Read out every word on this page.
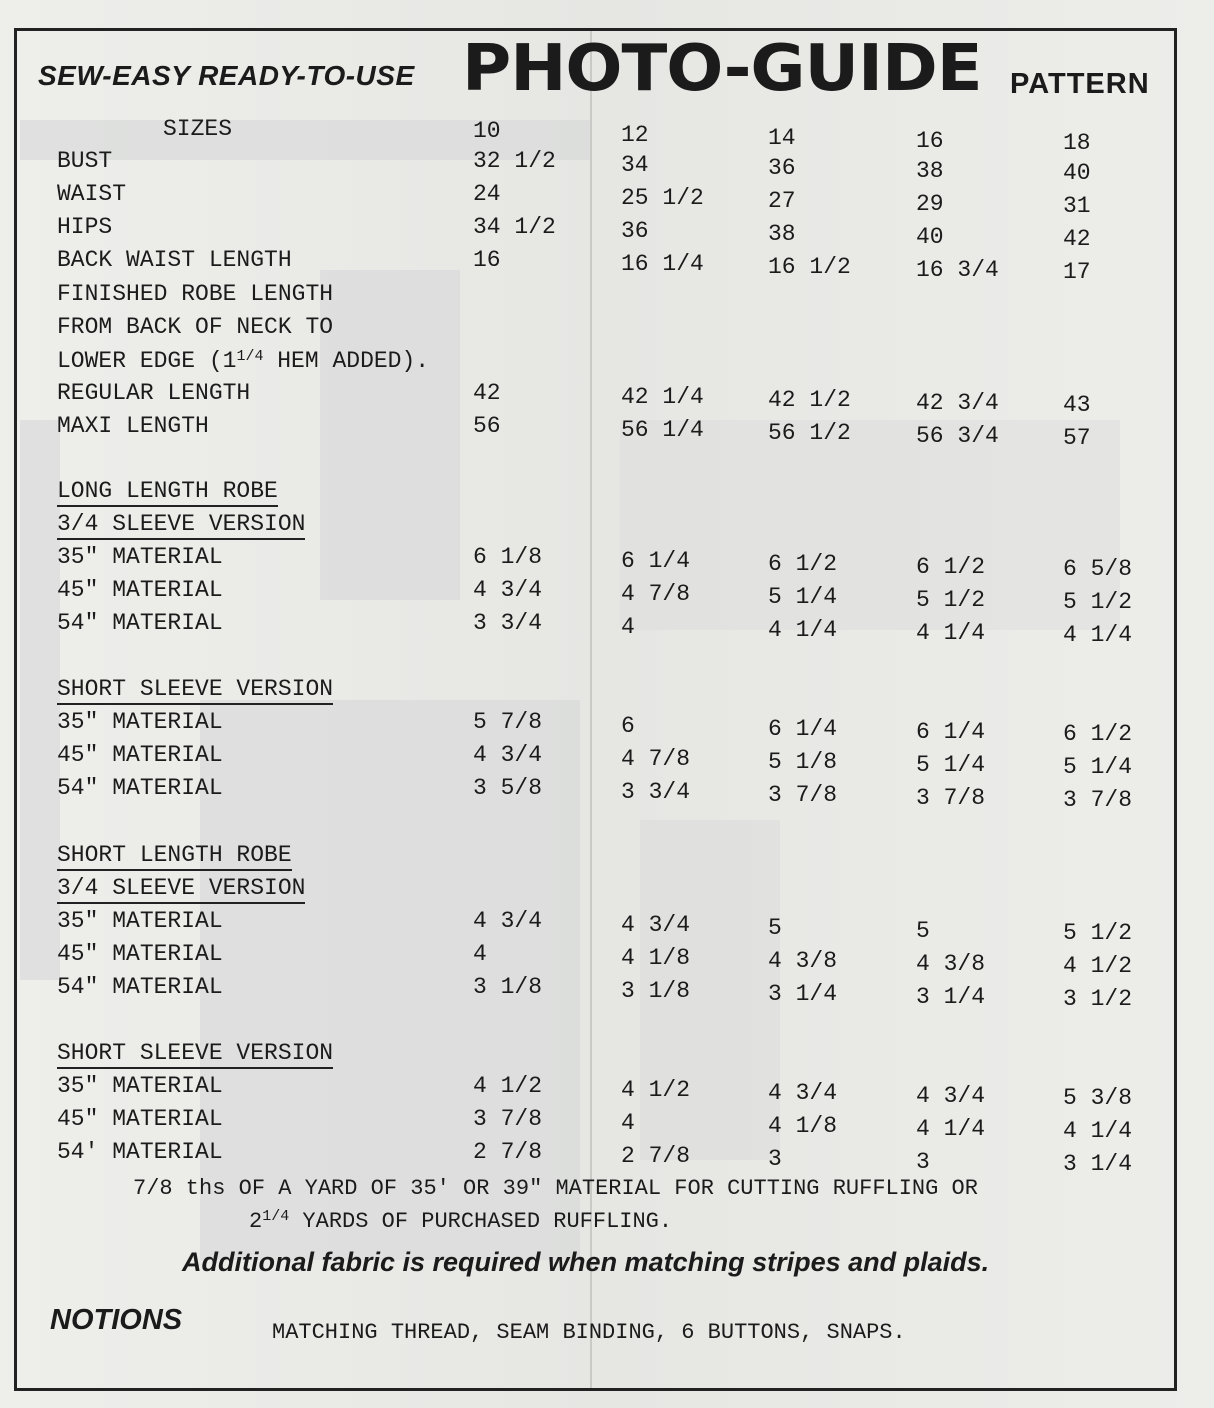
SEW-EASY READY-TO-USE PHOTO-GUIDE PATTERN
SIZES	10	12	14	16	18
BUST	32 1/2	34	36	38	40
WAIST	24	25 1/2	27	29	31
HIPS	34 1/2	36	38	40	42
BACK WAIST LENGTH	16	16 1/4	16 1/2	16 3/4	17
FINISHED ROBE LENGTH
FROM BACK OF NECK TO
LOWER EDGE ($1^{1/4}$ HEM ADDED).
REGULAR LENGTH	42	42 1/4	42 1/2	42 3/4	43
MAXI LENGTH	56	56 1/4	56 1/2	56 3/4	57
LONG LENGTH ROBE
3/4 SLEEVE VERSION
35" MATERIAL	6 1/8	6 1/4	6 1/2	6 1/2	6 5/8
45" MATERIAL	4 3/4	4 7/8	5 1/4	5 1/2	5 1/2
54" MATERIAL	3 3/4	4	4 1/4	4 1/4	4 1/4
SHORT SLEEVE VERSION
35" MATERIAL	5 7/8	6	6 1/4	6 1/4	6 1/2
45" MATERIAL	4 3/4	4 7/8	5 1/8	5 1/4	5 1/4
54" MATERIAL	3 5/8	3 3/4	3 7/8	3 7/8	3 7/8
SHORT LENGTH ROBE
3/4 SLEEVE VERSION
35" MATERIAL	4 3/4	4 3/4	5	5	5 1/2
45" MATERIAL	4	4 1/8	4 3/8	4 3/8	4 1/2
54" MATERIAL	3 1/8	3 1/8	3 1/4	3 1/4	3 1/2
SHORT SLEEVE VERSION
35" MATERIAL	4 1/2	4 1/2	4 3/4	4 3/4	5 3/8
45" MATERIAL	3 7/8	4	4 1/8	4 1/4	4 1/4
54' MATERIAL	2 7/8	2 7/8	3	3	3 1/4
7/8 ths OF A YARD OF 35' OR 39" MATERIAL FOR CUTTING RUFFLING OR
$2^{1/4}$ YARDS OF PURCHASED RUFFLING.
Additional fabric is required when matching stripes and plaids.
NOTIONS	MATCHING THREAD, SEAM BINDING, 6 BUTTONS, SNAPS.
